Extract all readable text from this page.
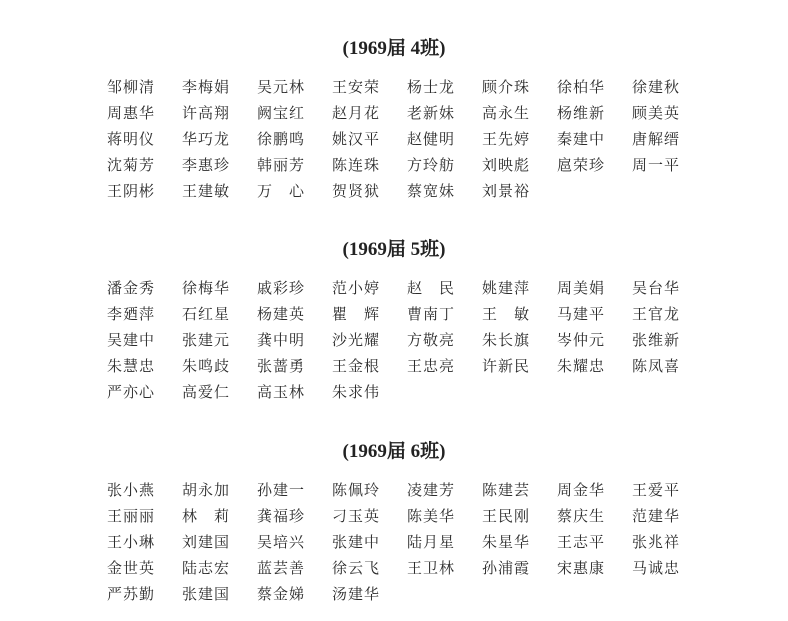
(1969届 4班)
邹柳清	李梅娟	吴元林	王安荣	杨士龙	顾介珠	徐柏华	徐建秋
周惠华	许高翔	阙宝红	赵月花	老新妹	高永生	杨维新	顾美英
蒋明仪	华巧龙	徐鹏鸣	姚汉平	赵健明	王先婷	秦建中	唐解缙
沈菊芳	李惠珍	韩丽芳	陈连珠	方玲舫	刘映彪	扈荣珍	周一平
王阴彬	王建敏	万　心	贺贤狱	蔡宽妹	刘景裕
(1969届 5班)
潘金秀	徐梅华	戚彩珍	范小婷	赵　民	姚建萍	周美娟	吴台华
李廼萍	石红星	杨建英	瞿　辉	曹南丁	王　敏	马建平	王官龙
吴建中	张建元	龚中明	沙光耀	方敬亮	朱长旗	岑仲元	张维新
朱慧忠	朱鸣歧	张蔷勇	王金根	王忠亮	许新民	朱耀忠	陈凤喜
严亦心	高爱仁	高玉林	朱求伟
(1969届 6班)
张小燕	胡永加	孙建一	陈佩玲	凌建芳	陈建芸	周金华	王爱平
王丽丽	林　莉	龚福珍	刁玉英	陈美华	王民刚	蔡庆生	范建华
王小琳	刘建国	吴培兴	张建中	陆月星	朱星华	王志平	张兆祥
金世英	陆志宏	蓝芸善	徐云飞	王卫林	孙浦霞	宋惠康	马诚忠
严苏勤	张建国	蔡金娣	汤建华
